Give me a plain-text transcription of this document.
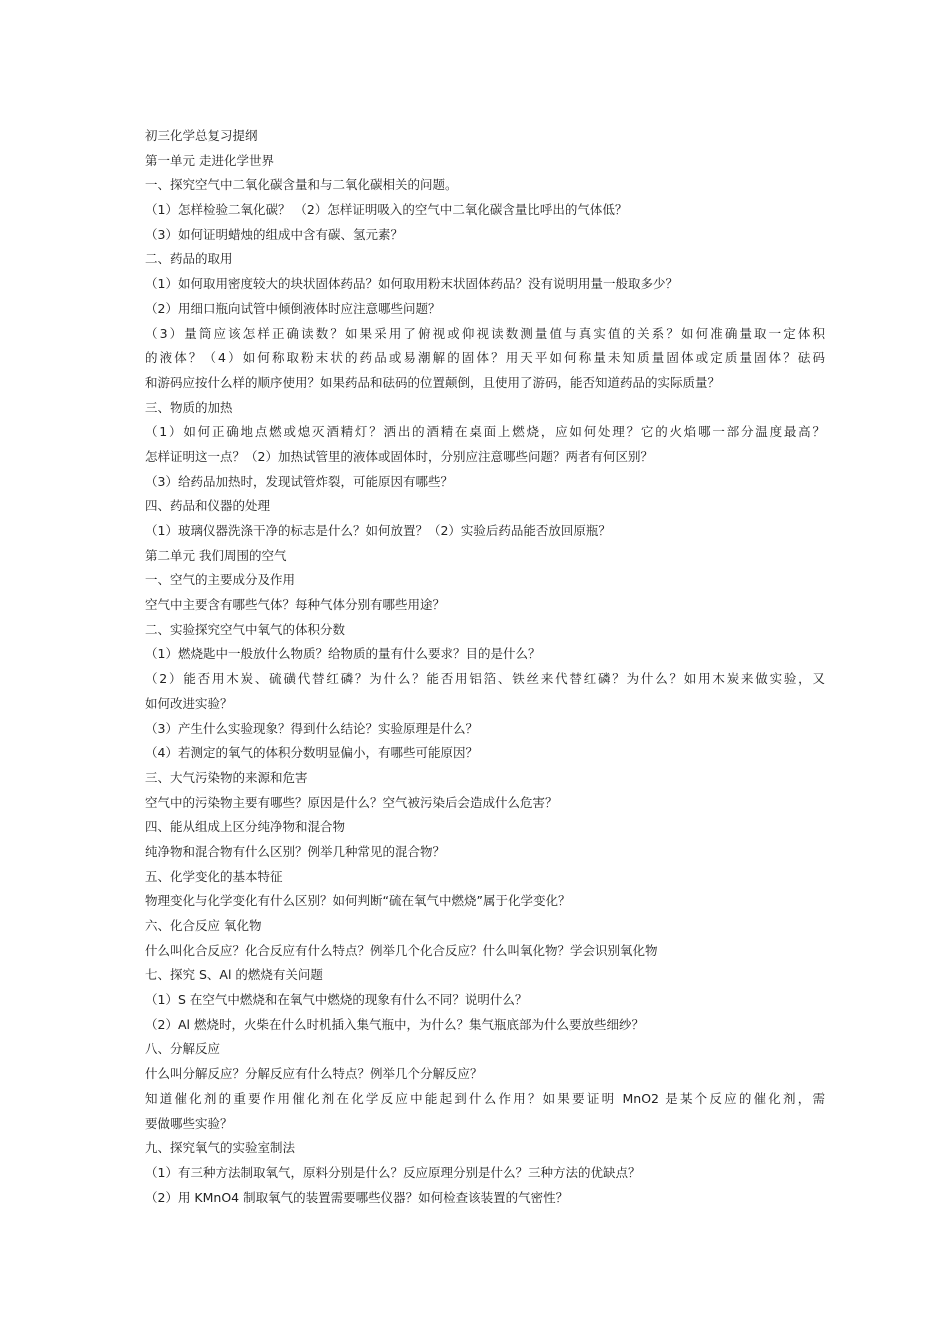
初三化学总复习提纲
第一单元 走进化学世界
一、探究空气中二氧化碳含量和与二氧化碳相关的问题。
（1）怎样检验二氧化碳？ （2）怎样证明吸入的空气中二氧化碳含量比呼出的气体低？
（3）如何证明蜡烛的组成中含有碳、氢元素？
二、药品的取用
（1）如何取用密度较大的块状固体药品？如何取用粉末状固体药品？没有说明用量一般取多少？
（2）用细口瓶向试管中倾倒液体时应注意哪些问题？
（3）量筒应该怎样正确读数？如果采用了俯视或仰视读数测量值与真实值的关系？如何准确量取一定体积
的液体？（4）如何称取粉末状的药品或易潮解的固体？用天平如何称量未知质量固体或定质量固体？砝码
和游码应按什么样的顺序使用？如果药品和砝码的位置颠倒，且使用了游码，能否知道药品的实际质量？
三、物质的加热
（1）如何正确地点燃或熄灭酒精灯？洒出的酒精在桌面上燃烧，应如何处理？它的火焰哪一部分温度最高？
怎样证明这一点？（2）加热试管里的液体或固体时，分别应注意哪些问题？两者有何区别？
（3）给药品加热时，发现试管炸裂，可能原因有哪些？
四、药品和仪器的处理
（1）玻璃仪器洗涤干净的标志是什么？如何放置？（2）实验后药品能否放回原瓶？
第二单元 我们周围的空气
一、空气的主要成分及作用
空气中主要含有哪些气体？每种气体分别有哪些用途？
二、实验探究空气中氧气的体积分数
（1）燃烧匙中一般放什么物质？给物质的量有什么要求？目的是什么？
（2）能否用木炭、硫磺代替红磷？为什么？能否用铝箔、铁丝来代替红磷？为什么？如用木炭来做实验，又
如何改进实验？
（3）产生什么实验现象？得到什么结论？实验原理是什么？
（4）若测定的氧气的体积分数明显偏小，有哪些可能原因？
三、大气污染物的来源和危害
空气中的污染物主要有哪些？原因是什么？空气被污染后会造成什么危害？
四、能从组成上区分纯净物和混合物
纯净物和混合物有什么区别？例举几种常见的混合物？
五、化学变化的基本特征
物理变化与化学变化有什么区别？如何判断“硫在氧气中燃烧”属于化学变化？
六、化合反应 氧化物
什么叫化合反应？化合反应有什么特点？例举几个化合反应？什么叫氧化物？学会识别氧化物
七、探究 S、Al 的燃烧有关问题
（1）S 在空气中燃烧和在氧气中燃烧的现象有什么不同？说明什么？
（2）Al 燃烧时，火柴在什么时机插入集气瓶中，为什么？集气瓶底部为什么要放些细纱？
八、分解反应
什么叫分解反应？分解反应有什么特点？例举几个分解反应？
知道催化剂的重要作用催化剂在化学反应中能起到什么作用？如果要证明 MnO2 是某个反应的催化剂，需
要做哪些实验？
九、探究氧气的实验室制法
（1）有三种方法制取氧气，原料分别是什么？反应原理分别是什么？三种方法的优缺点？
（2）用 KMnO4 制取氧气的装置需要哪些仪器？如何检查该装置的气密性？
